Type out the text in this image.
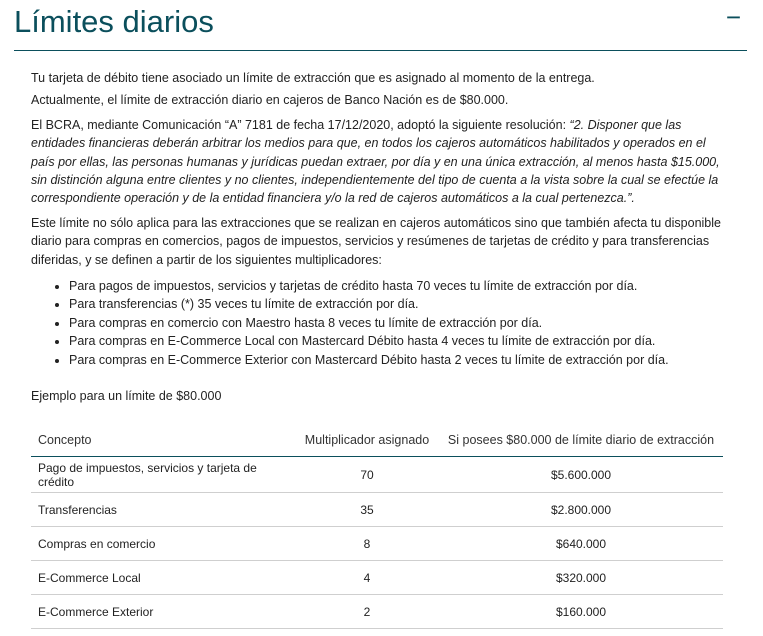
Límites diarios	−

Tu tarjeta de débito tiene asociado un límite de extracción que es asignado al momento de la entrega.

Actualmente, el límite de extracción diario en cajeros de Banco Nación es de $80.000.

El BCRA, mediante Comunicación “A” 7181 de fecha 17/12/2020, adoptó la siguiente resolución: “2. Disponer que las entidades financieras deberán arbitrar los medios para que, en todos los cajeros automáticos habilitados y operados en el país por ellas, las personas humanas y jurídicas puedan extraer, por día y en una única extracción, al menos hasta $15.000, sin distinción alguna entre clientes y no clientes, independientemente del tipo de cuenta a la vista sobre la cual se efectúe la correspondiente operación y de la entidad financiera y/o la red de cajeros automáticos a la cual pertenezca.”.

Este límite no sólo aplica para las extracciones que se realizan en cajeros automáticos sino que también afecta tu disponible diario para compras en comercios, pagos de impuestos, servicios y resúmenes de tarjetas de crédito y para transferencias diferidas, y se definen a partir de los siguientes multiplicadores:

• Para pagos de impuestos, servicios y tarjetas de crédito hasta 70 veces tu límite de extracción por día.
• Para transferencias (*) 35 veces tu límite de extracción por día.
• Para compras en comercio con Maestro hasta 8 veces tu límite de extracción por día.
• Para compras en E-Commerce Local con Mastercard Débito hasta 4 veces tu límite de extracción por día.
• Para compras en E-Commerce Exterior con Mastercard Débito hasta 2 veces tu límite de extracción por día.

Ejemplo para un límite de $80.000

Concepto	Multiplicador asignado	Si posees $80.000 de límite diario de extracción
Pago de impuestos, servicios y tarjeta de crédito	70	$5.600.000
Transferencias	35	$2.800.000
Compras en comercio	8	$640.000
E-Commerce Local	4	$320.000
E-Commerce Exterior	2	$160.000
